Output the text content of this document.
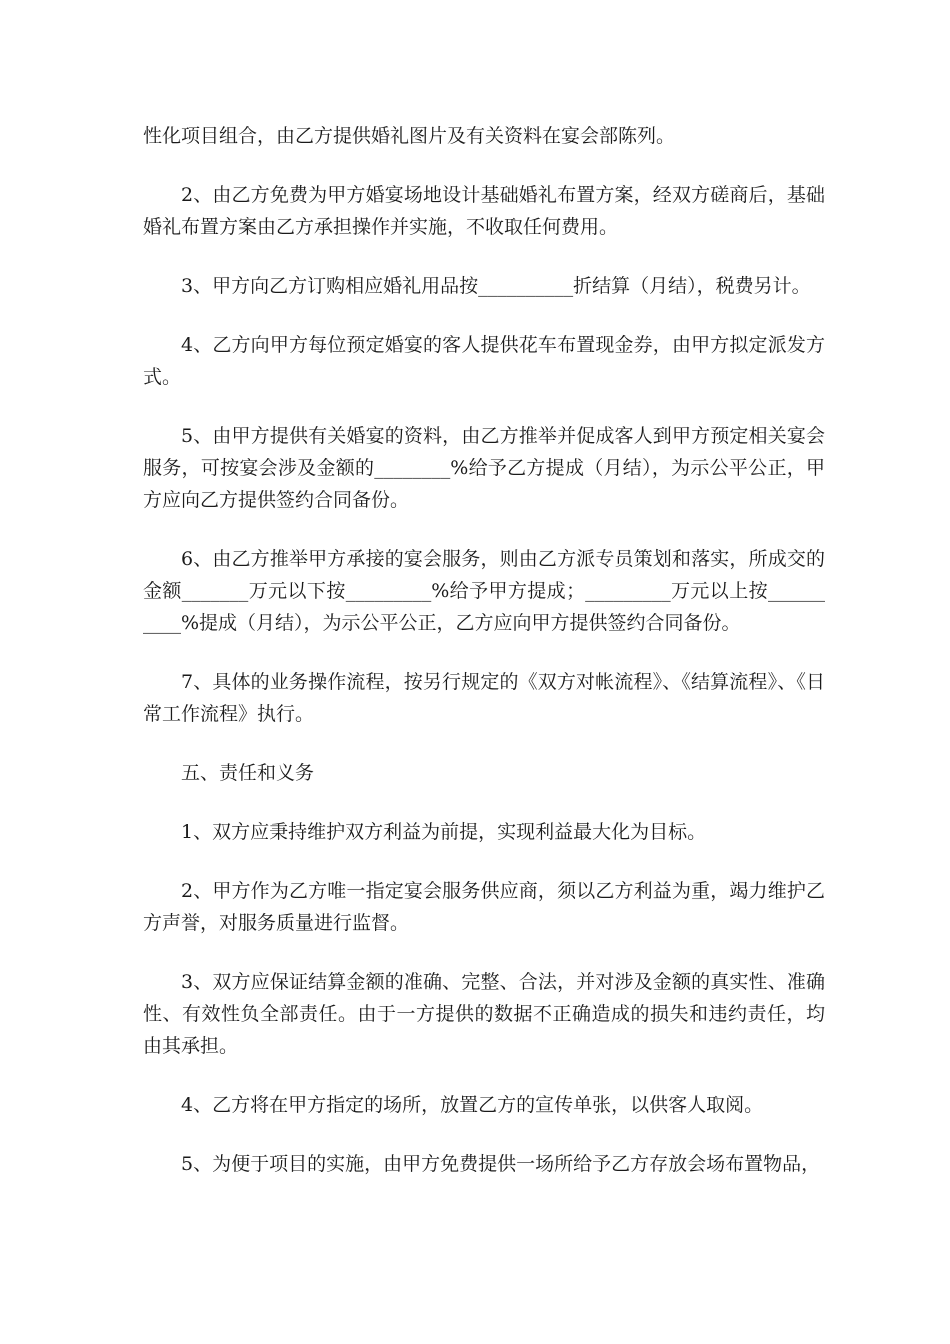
性化项目组合，由乙方提供婚礼图片及有关资料在宴会部陈列。

2、由乙方免费为甲方婚宴场地设计基础婚礼布置方案，经双方磋商后，基础婚礼布置方案由乙方承担操作并实施，不收取任何费用。

3、甲方向乙方订购相应婚礼用品按__________折结算（月结），税费另计。

4、乙方向甲方每位预定婚宴的客人提供花车布置现金券，由甲方拟定派发方式。

5、由甲方提供有关婚宴的资料，由乙方推举并促成客人到甲方预定相关宴会服务，可按宴会涉及金额的________%给予乙方提成（月结），为示公平公正，甲方应向乙方提供签约合同备份。

6、由乙方推举甲方承接的宴会服务，则由乙方派专员策划和落实，所成交的金额_______万元以下按_________%给予甲方提成；_________万元以上按__________%提成（月结），为示公平公正，乙方应向甲方提供签约合同备份。

7、具体的业务操作流程，按另行规定的《双方对帐流程》、《结算流程》、《日常工作流程》执行。

五、责任和义务

1、双方应秉持维护双方利益为前提，实现利益最大化为目标。

2、甲方作为乙方唯一指定宴会服务供应商，须以乙方利益为重，竭力维护乙方声誉，对服务质量进行监督。

3、双方应保证结算金额的准确、完整、合法，并对涉及金额的真实性、准确性、有效性负全部责任。由于一方提供的数据不正确造成的损失和违约责任，均由其承担。

4、乙方将在甲方指定的场所，放置乙方的宣传单张，以供客人取阅。

5、为便于项目的实施，由甲方免费提供一场所给予乙方存放会场布置物品，
